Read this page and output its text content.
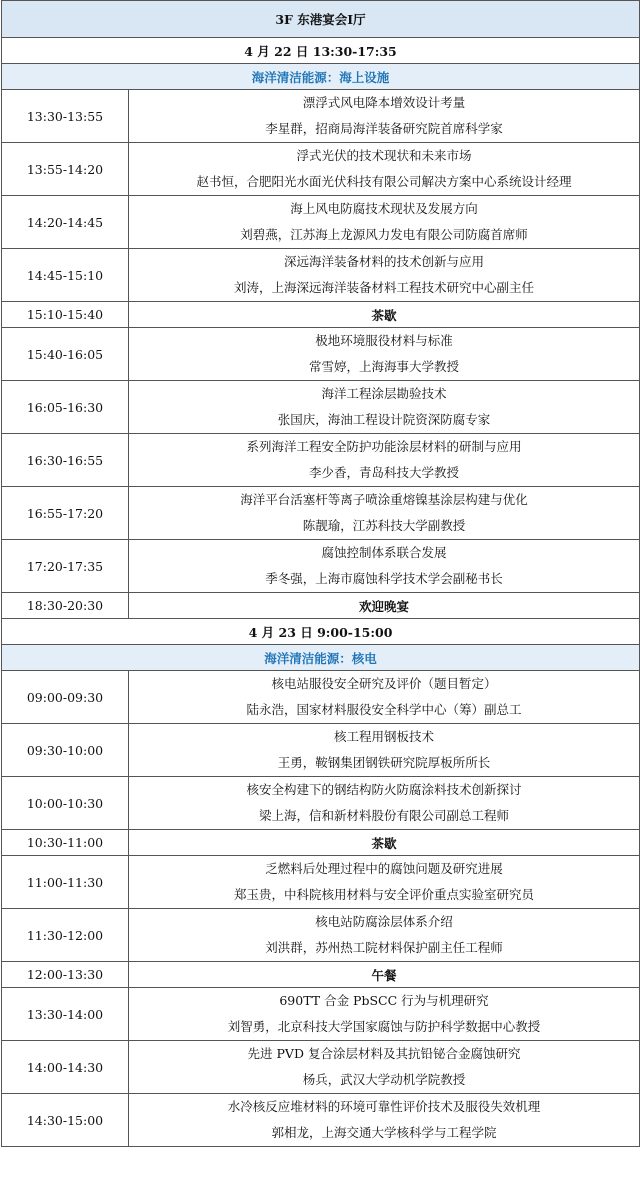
3F 东港宴会Ⅰ厅	
4 月 22 日 13:30-17:35	
海洋清洁能源：海上设施	
13:30-13:55	漂浮式风电降本增效设计考量
李星群，招商局海洋装备研究院首席科学家

13:55-14:20	浮式光伏的技术现状和未来市场
赵书恒，合肥阳光水面光伏科技有限公司解决方案中心系统设计经理

14:20-14:45	海上风电防腐技术现状及发展方向
刘碧燕，江苏海上龙源风力发电有限公司防腐首席师

14:45-15:10	深远海洋装备材料的技术创新与应用
刘涛，上海深远海洋装备材料工程技术研究中心副主任

15:10-15:40	茶歇
15:40-16:05	极地环境服役材料与标准
常雪婷，上海海事大学教授

16:05-16:30	海洋工程涂层勘验技术
张国庆，海油工程设计院资深防腐专家

16:30-16:55	系列海洋工程安全防护功能涂层材料的研制与应用
李少香，青岛科技大学教授

16:55-17:20	海洋平台活塞杆等离子喷涂重熔镍基涂层构建与优化
陈靓瑜，江苏科技大学副教授

17:20-17:35	腐蚀控制体系联合发展
季冬强，上海市腐蚀科学技术学会副秘书长

18:30-20:30	欢迎晚宴
4 月 23 日 9:00-15:00	
海洋清洁能源：核电	
09:00-09:30	核电站服役安全研究及评价（题目暂定）
陆永浩，国家材料服役安全科学中心（筹）副总工

09:30-10:00	核工程用钢板技术
王勇，鞍钢集团钢铁研究院厚板所所长

10:00-10:30	核安全构建下的钢结构防火防腐涂料技术创新探讨
梁上海，信和新材料股份有限公司副总工程师

10:30-11:00	茶歇
11:00-11:30	乏燃料后处理过程中的腐蚀问题及研究进展
郑玉贵，中科院核用材料与安全评价重点实验室研究员

11:30-12:00	核电站防腐涂层体系介绍
刘洪群，苏州热工院材料保护副主任工程师

12:00-13:30	午餐
13:30-14:00	690TT 合金 PbSCC 行为与机理研究
刘智勇，北京科技大学国家腐蚀与防护科学数据中心教授

14:00-14:30	先进 PVD 复合涂层材料及其抗铅铋合金腐蚀研究
杨兵，武汉大学动机学院教授

14:30-15:00	水冷核反应堆材料的环境可靠性评价技术及服役失效机理
郭相龙，上海交通大学核科学与工程学院
